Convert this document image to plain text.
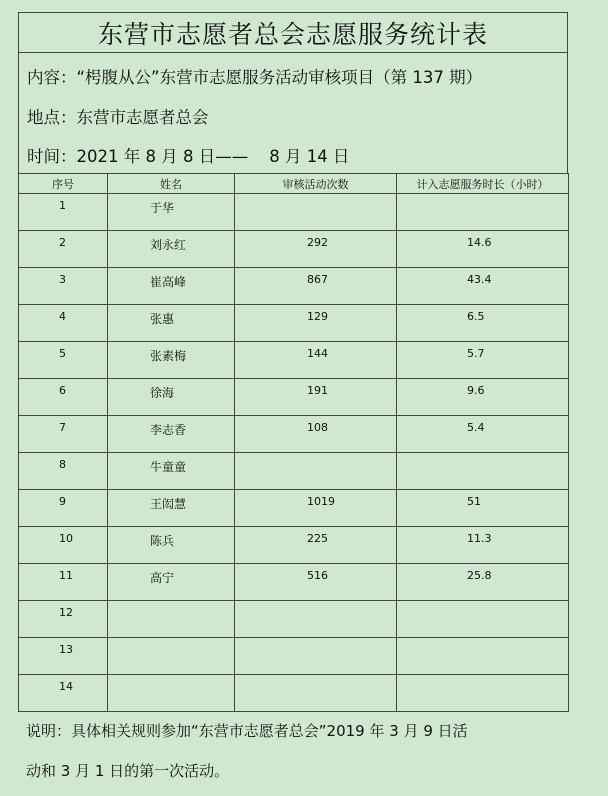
东营市志愿者总会志愿服务统计表
内容：“枵腹从公”东营市志愿服务活动审核项目（第 137 期）
地点：东营市志愿者总会
时间：2021 年 8 月 8 日—— 8 月 14 日
序号	姓名	审核活动次数	计入志愿服务时长（小时）

1	于华		

2	刘永红	292	14.6

3	崔高峰	867	43.4

4	张惠	129	6.5

5	张素梅	144	5.7

6	徐海	191	9.6

7	李志香	108	5.4

8	牛童童		

9	王闳慧	1019	51

10	陈兵	225	11.3

11	高宁	516	25.8

12			

13			

14			

说明：具体相关规则参加“东营市志愿者总会”2019 年 3 月 9 日活
动和 3 月 1 日的第一次活动。
